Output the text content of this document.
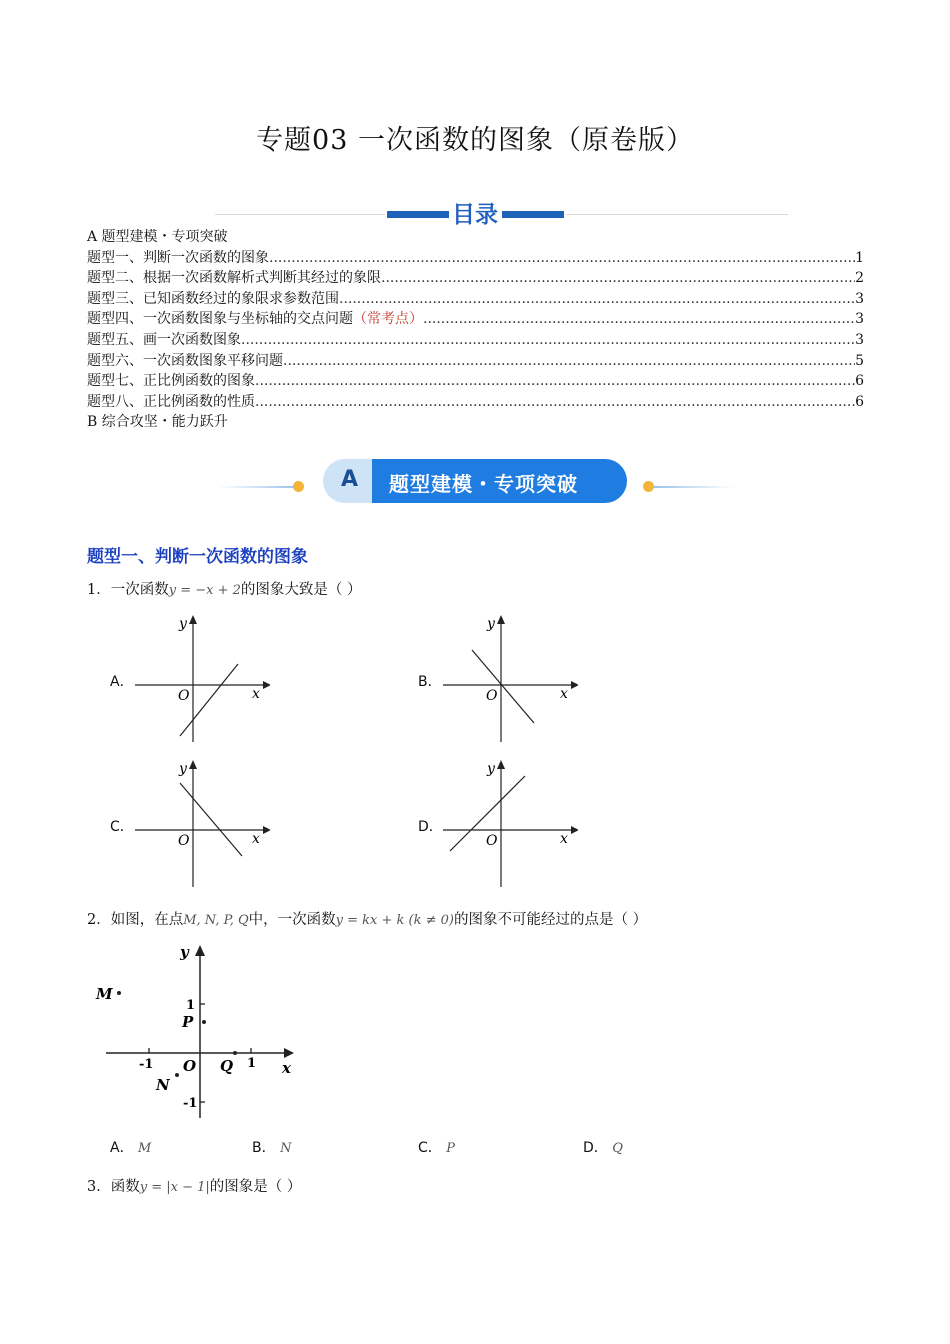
专题03 一次函数的图象（原卷版）
目录
A 题型建模・专项突破
题型一、判断一次函数的图象 .....	1
题型二、根据一次函数解析式判断其经过的象限 .....	2
题型三、已知函数经过的象限求参数范围 .....	3
题型四、一次函数图象与坐标轴的交点问题 （常考点） .....	3
题型五、画一次函数图象 .....	3
题型六、一次函数图象平移问题 .....	5
题型七、正比例函数的图象 .....	6
题型八、正比例函数的性质 .....	6
B 综合攻坚・能力跃升
A 题型建模・专项突破
题型一、判断一次函数的图象
1．一次函数y = −x + 2的图象大致是（ ）
A．
y
x
O
B．
y
x
O
C．
y
x
O
D．
y
x
O
2．如图，在点M, N, P, Q中，一次函数y = kx + k (k ≠ 0)的图象不可能经过的点是（ ）
y
x
O
1
-1
1
-1
M
P
Q
N
A． M	B． N	C． P	D． Q
3．函数y = |x − 1|的图象是（ ）
